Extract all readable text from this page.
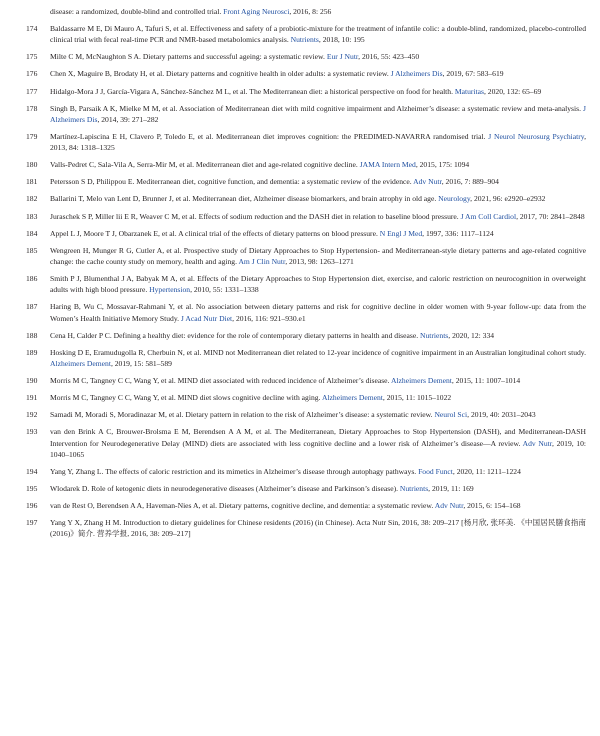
disease: a randomized, double-blind and controlled trial. Front Aging Neurosci, 2016, 8: 256
174	Baldassarre M E, Di Mauro A, Tafuri S, et al. Effectiveness and safety of a probiotic-mixture for the treatment of infantile colic: a double-blind, randomized, placebo-controlled clinical trial with fecal real-time PCR and NMR-based metabolomics analysis. Nutrients, 2018, 10: 195
175	Milte C M, McNaughton S A. Dietary patterns and successful ageing: a systematic review. Eur J Nutr, 2016, 55: 423–450
176	Chen X, Maguire B, Brodaty H, et al. Dietary patterns and cognitive health in older adults: a systematic review. J Alzheimers Dis, 2019, 67: 583–619
177	Hidalgo-Mora J J, García-Vigara A, Sánchez-Sánchez M L, et al. The Mediterranean diet: a historical perspective on food for health. Maturitas, 2020, 132: 65–69
178	Singh B, Parsaik A K, Mielke M M, et al. Association of Mediterranean diet with mild cognitive impairment and Alzheimer’s disease: a systematic review and meta-analysis. J Alzheimers Dis, 2014, 39: 271–282
179	Martínez-Lapiscina E H, Clavero P, Toledo E, et al. Mediterranean diet improves cognition: the PREDIMED-NAVARRA randomised trial. J Neurol Neurosurg Psychiatry, 2013, 84: 1318–1325
180	Valls-Pedret C, Sala-Vila A, Serra-Mir M, et al. Mediterranean diet and age-related cognitive decline. JAMA Intern Med, 2015, 175: 1094
181	Petersson S D, Philippou E. Mediterranean diet, cognitive function, and dementia: a systematic review of the evidence. Adv Nutr, 2016, 7: 889–904
182	Ballarini T, Melo van Lent D, Brunner J, et al. Mediterranean diet, Alzheimer disease biomarkers, and brain atrophy in old age. Neurology, 2021, 96: e2920–e2932
183	Juraschek S P, Miller lii E R, Weaver C M, et al. Effects of sodium reduction and the DASH diet in relation to baseline blood pressure. J Am Coll Cardiol, 2017, 70: 2841–2848
184	Appel L J, Moore T J, Obarzanek E, et al. A clinical trial of the effects of dietary patterns on blood pressure. N Engl J Med, 1997, 336: 1117–1124
185	Wengreen H, Munger R G, Cutler A, et al. Prospective study of Dietary Approaches to Stop Hypertension- and Mediterranean-style dietary patterns and age-related cognitive change: the cache county study on memory, health and aging. Am J Clin Nutr, 2013, 98: 1263–1271
186	Smith P J, Blumenthal J A, Babyak M A, et al. Effects of the Dietary Approaches to Stop Hypertension diet, exercise, and caloric restriction on neurocognition in overweight adults with high blood pressure. Hypertension, 2010, 55: 1331–1338
187	Haring B, Wu C, Mossavar-Rahmani Y, et al. No association between dietary patterns and risk for cognitive decline in older women with 9-year follow-up: data from the Women’s Health Initiative Memory Study. J Acad Nutr Diet, 2016, 116: 921–930.e1
188	Cena H, Calder P C. Defining a healthy diet: evidence for the role of contemporary dietary patterns in health and disease. Nutrients, 2020, 12: 334
189	Hosking D E, Eramudugolla R, Cherbuin N, et al. MIND not Mediterranean diet related to 12-year incidence of cognitive impairment in an Australian longitudinal cohort study. Alzheimers Dement, 2019, 15: 581–589
190	Morris M C, Tangney C C, Wang Y, et al. MIND diet associated with reduced incidence of Alzheimer’s disease. Alzheimers Dement, 2015, 11: 1007–1014
191	Morris M C, Tangney C C, Wang Y, et al. MIND diet slows cognitive decline with aging. Alzheimers Dement, 2015, 11: 1015–1022
192	Samadi M, Moradi S, Moradinazar M, et al. Dietary pattern in relation to the risk of Alzheimer’s disease: a systematic review. Neurol Sci, 2019, 40: 2031–2043
193	van den Brink A C, Brouwer-Brolsma E M, Berendsen A A M, et al. The Mediterranean, Dietary Approaches to Stop Hypertension (DASH), and Mediterranean-DASH Intervention for Neurodegenerative Delay (MIND) diets are associated with less cognitive decline and a lower risk of Alzheimer’s disease—A review. Adv Nutr, 2019, 10: 1040–1065
194	Yang Y, Zhang L. The effects of caloric restriction and its mimetics in Alzheimer’s disease through autophagy pathways. Food Funct, 2020, 11: 1211–1224
195	Wlodarek D. Role of ketogenic diets in neurodegenerative diseases (Alzheimer’s disease and Parkinson’s disease). Nutrients, 2019, 11: 169
196	van de Rest O, Berendsen A A, Haveman-Nies A, et al. Dietary patterns, cognitive decline, and dementia: a systematic review. Adv Nutr, 2015, 6: 154–168
197	Yang Y X, Zhang H M. Introduction to dietary guidelines for Chinese residents (2016) (in Chinese). Acta Nutr Sin, 2016, 38: 209–217 [杨月欣, 张环美. 《中国居民膳食指南(2016)》简介. 营养学报, 2016, 38: 209–217]
